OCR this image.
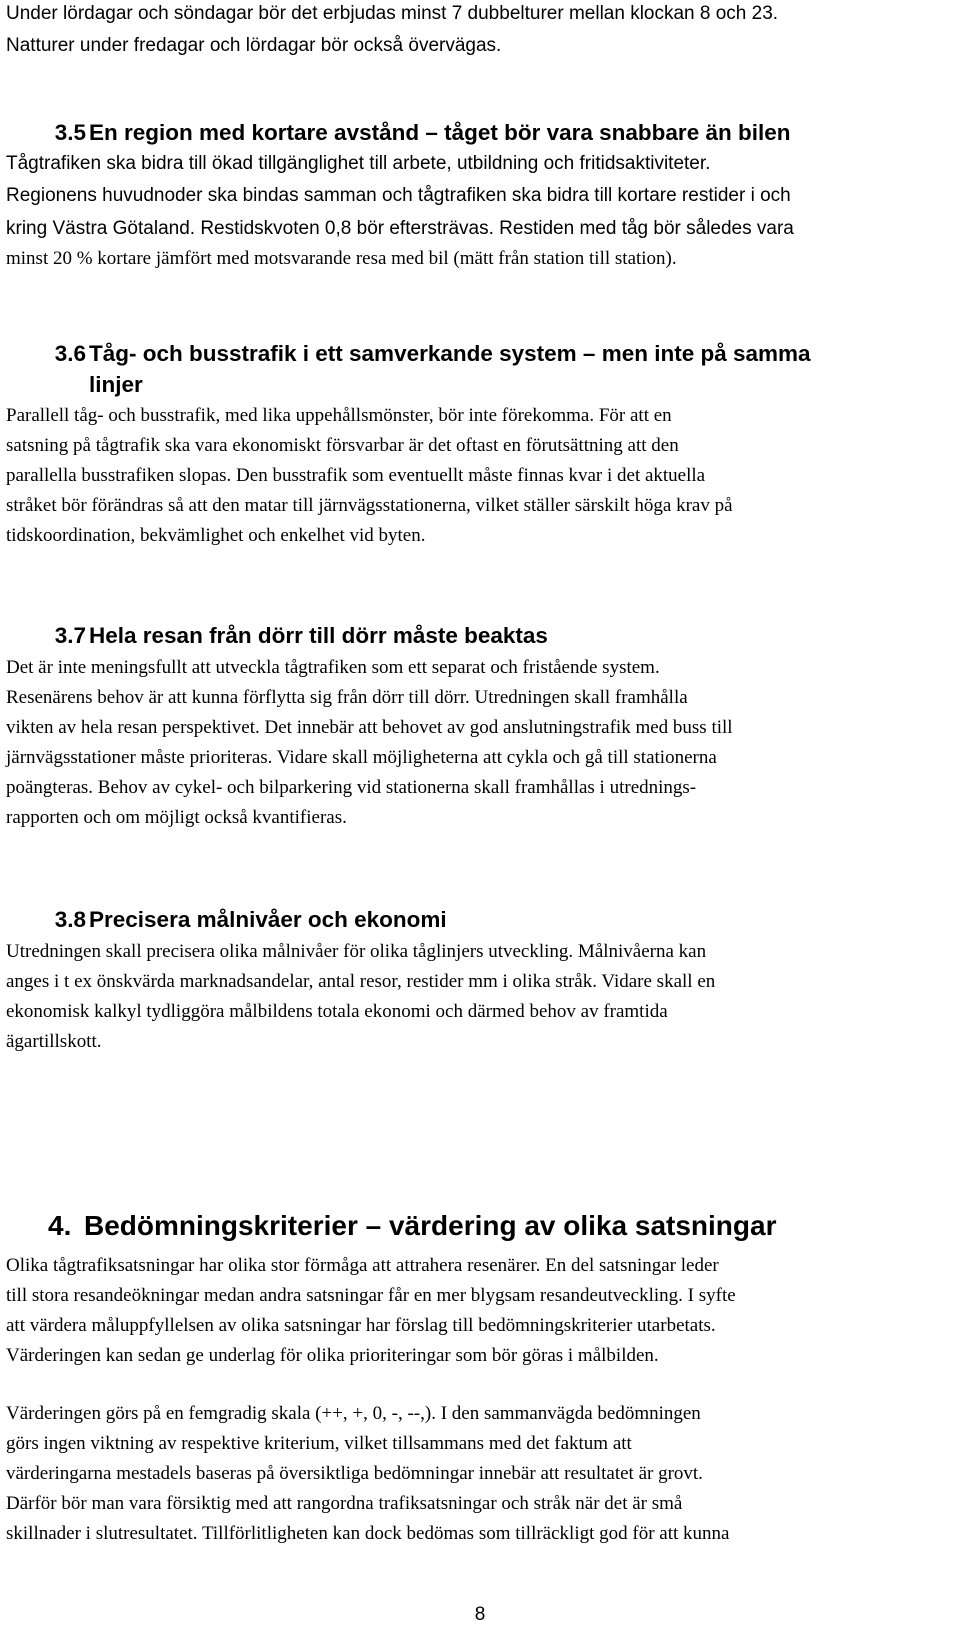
Under lördagar och söndagar bör det erbjudas minst 7 dubbelturer mellan klockan 8 och 23.
Natturer under fredagar och lördagar bör också övervägas.
3.5 En region med kortare avstånd – tåget bör vara snabbare än bilen
Tågtrafiken ska bidra till ökad tillgänglighet till arbete, utbildning och fritidsaktiviteter.
Regionens huvudnoder ska bindas samman och tågtrafiken ska bidra till kortare restider i och
kring Västra Götaland. Restidskvoten 0,8 bör eftersträvas. Restiden med tåg bör således vara
minst 20 % kortare jämfört med motsvarande resa med bil (mätt från station till station).
3.6 Tåg- och busstrafik i ett samverkande system – men inte på samma
linjer
Parallell tåg- och busstrafik, med lika uppehållsmönster, bör inte förekomma. För att en
satsning på tågtrafik ska vara ekonomiskt försvarbar är det oftast en förutsättning att den
parallella busstrafiken slopas. Den busstrafik som eventuellt måste finnas kvar i det aktuella
stråket bör förändras så att den matar till järnvägsstationerna, vilket ställer särskilt höga krav på
tidskoordination, bekvämlighet och enkelhet vid byten.
3.7 Hela resan från dörr till dörr måste beaktas
Det är inte meningsfullt att utveckla tågtrafiken som ett separat och fristående system.
Resenärens behov är att kunna förflytta sig från dörr till dörr. Utredningen skall framhålla
vikten av hela resan perspektivet. Det innebär att behovet av god anslutningstrafik med buss till
järnvägsstationer måste prioriteras. Vidare skall möjligheterna att cykla och gå till stationerna
poängteras. Behov av cykel- och bilparkering vid stationerna skall framhållas i utrednings-
rapporten och om möjligt också kvantifieras.
3.8 Precisera målnivåer och ekonomi
Utredningen skall precisera olika målnivåer för olika tåglinjers utveckling. Målnivåerna kan
anges i t ex önskvärda marknadsandelar, antal resor, restider mm i olika stråk. Vidare skall en
ekonomisk kalkyl tydliggöra målbildens totala ekonomi och därmed behov av framtida
ägartillskott.
4. Bedömningskriterier – värdering av olika satsningar
Olika tågtrafiksatsningar har olika stor förmåga att attrahera resenärer. En del satsningar leder
till stora resandeökningar medan andra satsningar får en mer blygsam resandeutveckling. I syfte
att värdera måluppfyllelsen av olika satsningar har förslag till bedömningskriterier utarbetats.
Värderingen kan sedan ge underlag för olika prioriteringar som bör göras i målbilden.
Värderingen görs på en femgradig skala (++, +, 0, -, --,). I den sammanvägda bedömningen
görs ingen viktning av respektive kriterium, vilket tillsammans med det faktum att
värderingarna mestadels baseras på översiktliga bedömningar innebär att resultatet är grovt.
Därför bör man vara försiktig med att rangordna trafiksatsningar och stråk när det är små
skillnader i slutresultatet. Tillförlitligheten kan dock bedömas som tillräckligt god för att kunna
8
